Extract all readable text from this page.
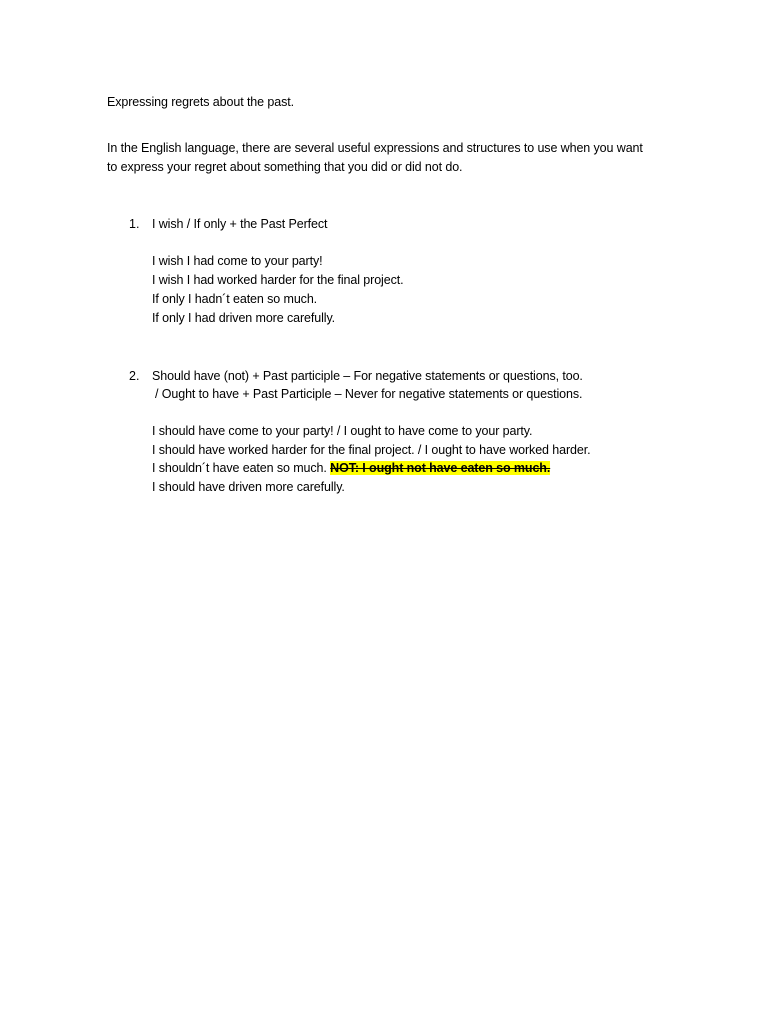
Expressing regrets about the past.
In the English language, there are several useful expressions and structures to use when you want
to express your regret about something that you did or did not do.
1. I wish / If only + the Past Perfect
I wish I had come to your party!
I wish I had worked harder for the final project.
If only I hadn´t eaten so much.
If only I had driven more carefully.
2. Should have (not) + Past participle – For negative statements or questions, too.
/ Ought to have + Past Participle – Never for negative statements or questions.
I should have come to your party! / I ought to have come to your party.
I should have worked harder for the final project. / I ought to have worked harder.
I shouldn´t have eaten so much. NOT: I ought not have eaten so much.
I should have driven more carefully.
